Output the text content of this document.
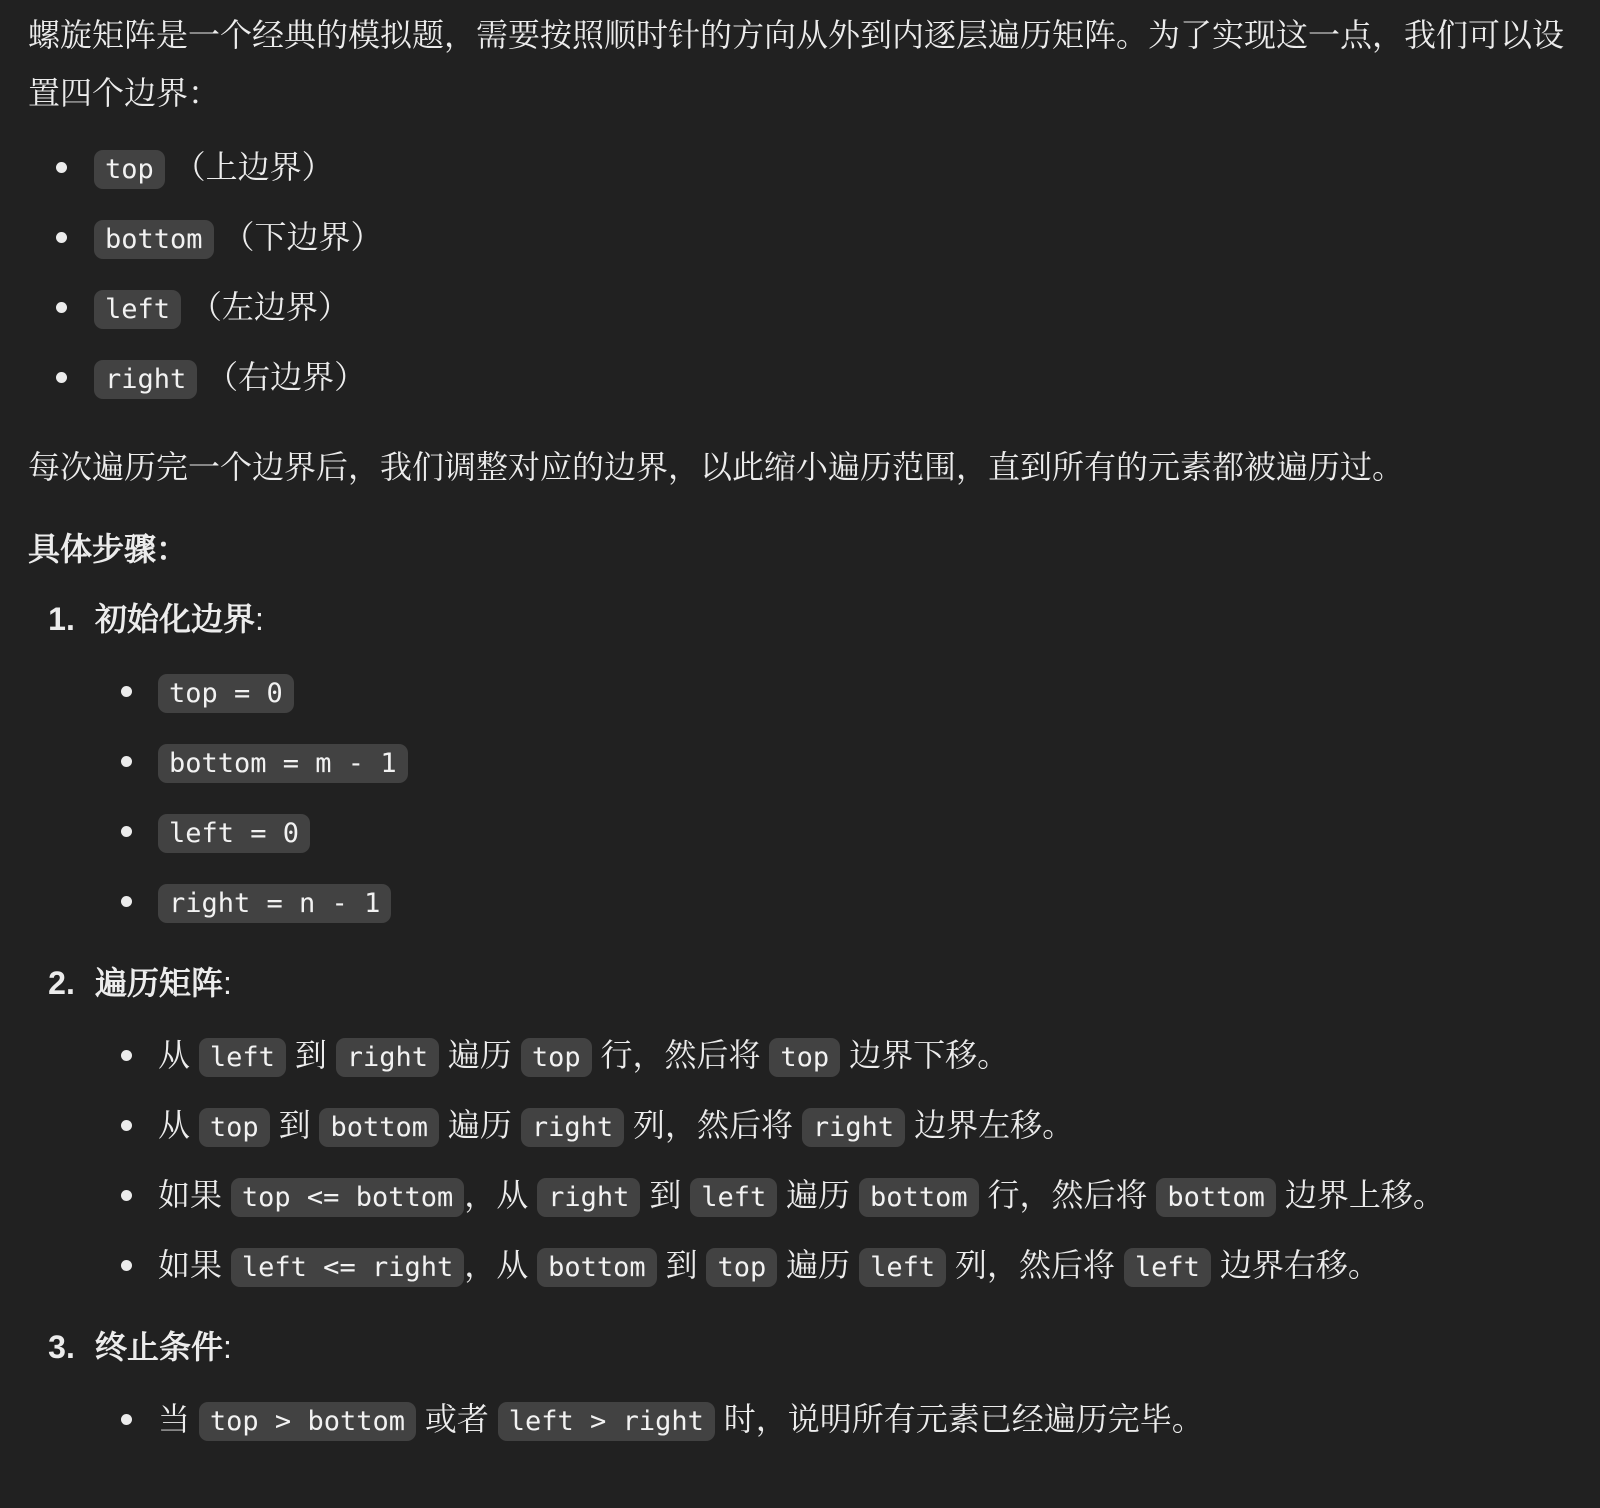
螺旋矩阵是一个经典的模拟题，需要按照顺时针的方向从外到内逐层遍历矩阵。为了实现这一点，我们可以设置四个边界：

top （上边界）
bottom （下边界）
left （左边界）
right （右边界）

每次遍历完一个边界后，我们调整对应的边界，以此缩小遍历范围，直到所有的元素都被遍历过。

具体步骤：

1. 初始化边界:
top = 0
bottom = m - 1
left = 0
right = n - 1
2. 遍历矩阵:
从 left 到 right 遍历 top 行，然后将 top 边界下移。
从 top 到 bottom 遍历 right 列，然后将 right 边界左移。
如果 top <= bottom ，从 right 到 left 遍历 bottom 行，然后将 bottom 边界上移。
如果 left <= right ，从 bottom 到 top 遍历 left 列，然后将 left 边界右移。
3. 终止条件:
当 top > bottom 或者 left > right 时，说明所有元素已经遍历完毕。
